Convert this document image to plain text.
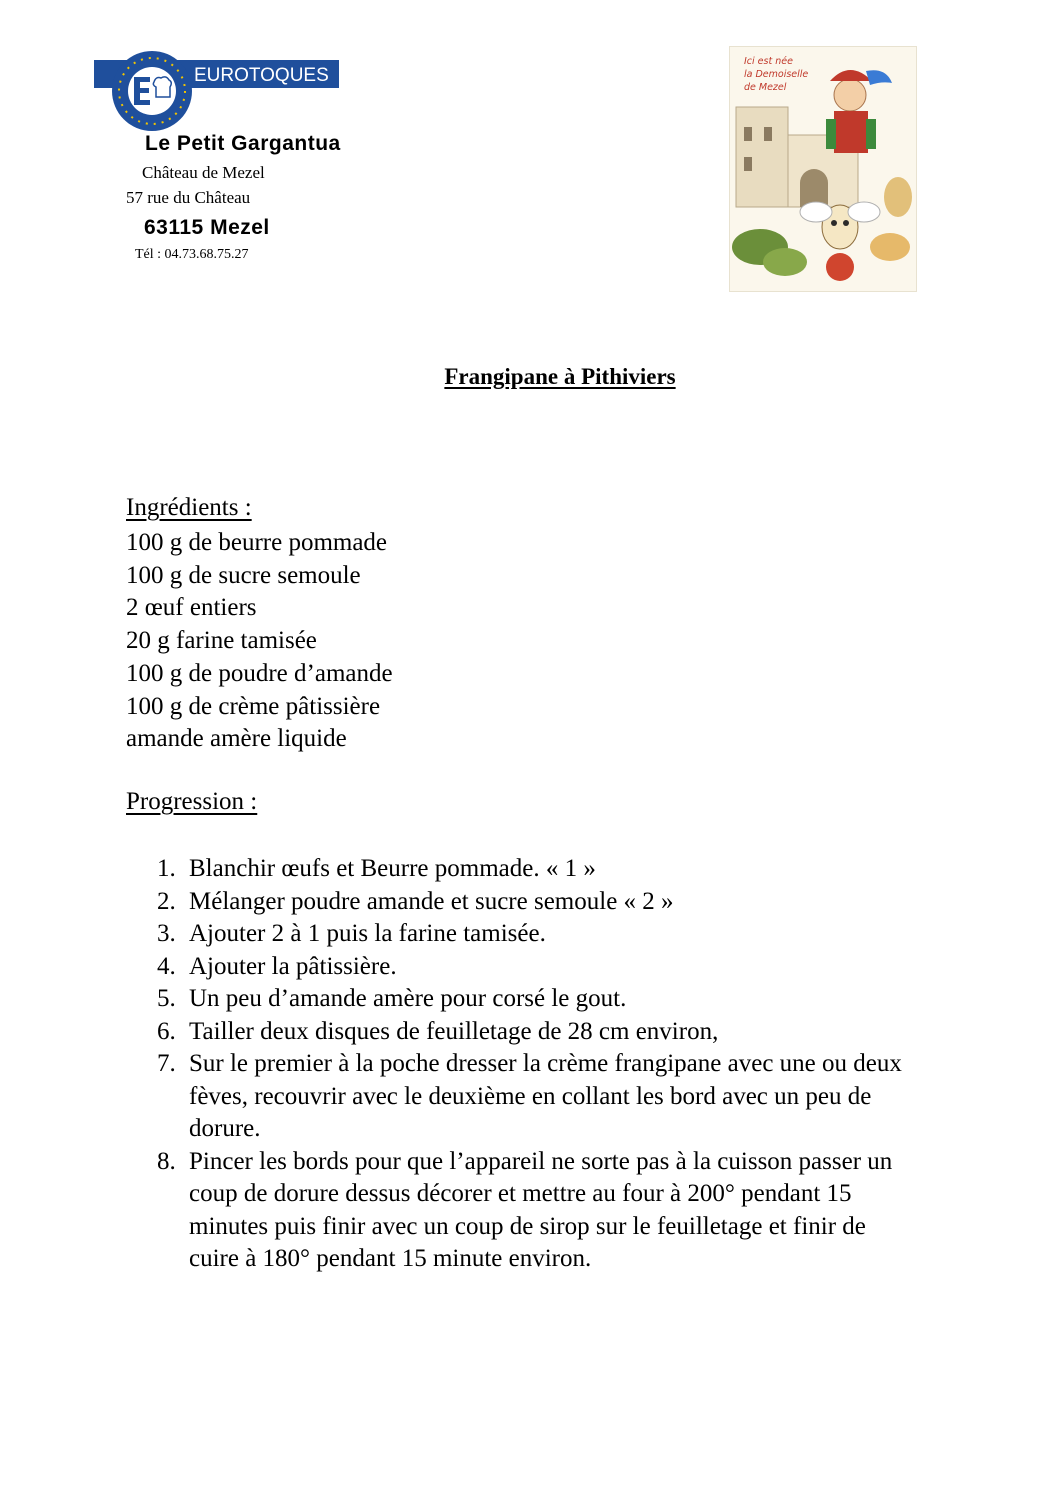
EUROTOQUES
Le Petit Gargantua
Château de Mezel
57 rue du Château
63115 Mezel
Tél : 04.73.68.75.27
Ici est née
la Demoiselle
de Mezel
Frangipane à Pithiviers
Ingrédients :
100 g de beurre pommade
100 g de sucre semoule
2 œuf entiers
20 g farine tamisée
100 g de poudre d’amande
100 g de crème pâtissière
amande amère liquide
Progression :
1. Blanchir œufs et Beurre pommade. « 1 »
2. Mélanger poudre amande et sucre semoule « 2 »
3. Ajouter 2 à 1 puis la farine tamisée.
4. Ajouter la pâtissière.
5. Un peu d’amande amère pour corsé le gout.
6. Tailler deux disques de feuilletage de 28 cm environ,
7. Sur le premier à la poche dresser la crème frangipane avec une ou deux fèves, recouvrir avec le deuxième en collant les bord avec un peu de dorure.
8. Pincer les bords pour que l’appareil ne sorte pas à la cuisson passer un coup de dorure dessus décorer et mettre au four à 200° pendant 15 minutes puis finir avec un coup de sirop sur le feuilletage et finir de cuire à 180° pendant 15 minute environ.
